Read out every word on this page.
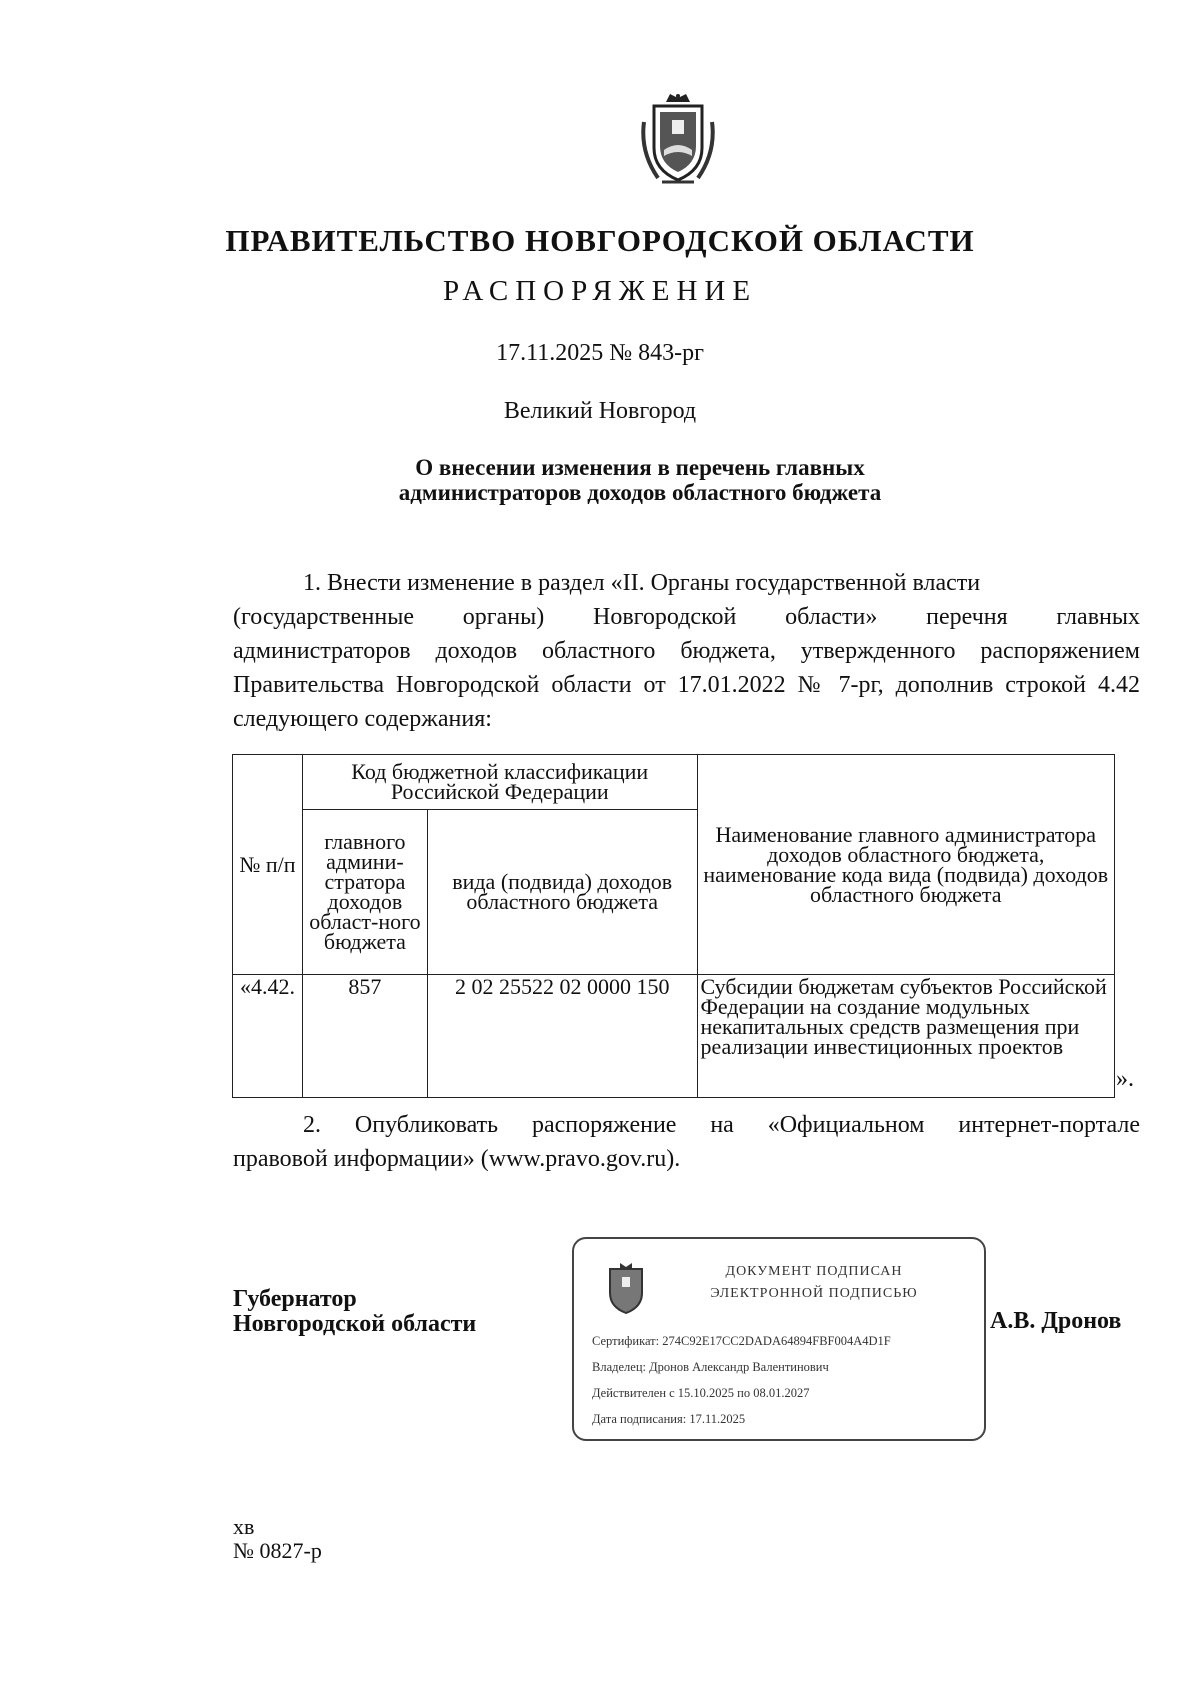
ПРАВИТЕЛЬСТВО НОВГОРОДСКОЙ ОБЛАСТИ
РАСПОРЯЖЕНИЕ
17.11.2025 № 843-рг
Великий Новгород
О внесении изменения в перечень главных
администраторов доходов областного бюджета
1. Внести изменение в раздел «II. Органы государственной власти
(государственные органы) Новгородской области» перечня главных
администраторов доходов областного бюджета, утвержденного распоряжением
Правительства Новгородской области от 17.01.2022 № 7-рг, дополнив строкой 4.42
следующего содержания:
№ п/п	Код бюджетной классификации Российской Федерации		Наименование главного администратора доходов областного бюджета, наименование кода вида (подвида) доходов областного бюджета
	главного админи-стратора доходов област-ного бюджета	вида (подвида) доходов областного бюджета	
«4.42.	857	2 02 25522 02 0000 150	Субсидии бюджетам субъектов Российской Федерации на создание модульных некапитальных средств размещения при реализации инвестиционных проектов
».
2. Опубликовать распоряжение на «Официальном интернет-портале
правовой информации» (www.pravo.gov.ru).
Губернатор
Новгородской области
ДОКУМЕНТ ПОДПИСАН
ЭЛЕКТРОННОЙ ПОДПИСЬЮ
Сертификат: 274C92E17CC2DADA64894FBF004A4D1F
Владелец: Дронов Александр Валентинович
Действителен с 15.10.2025 по 08.01.2027
Дата подписания: 17.11.2025
А.В. Дронов
хв
№ 0827-р
